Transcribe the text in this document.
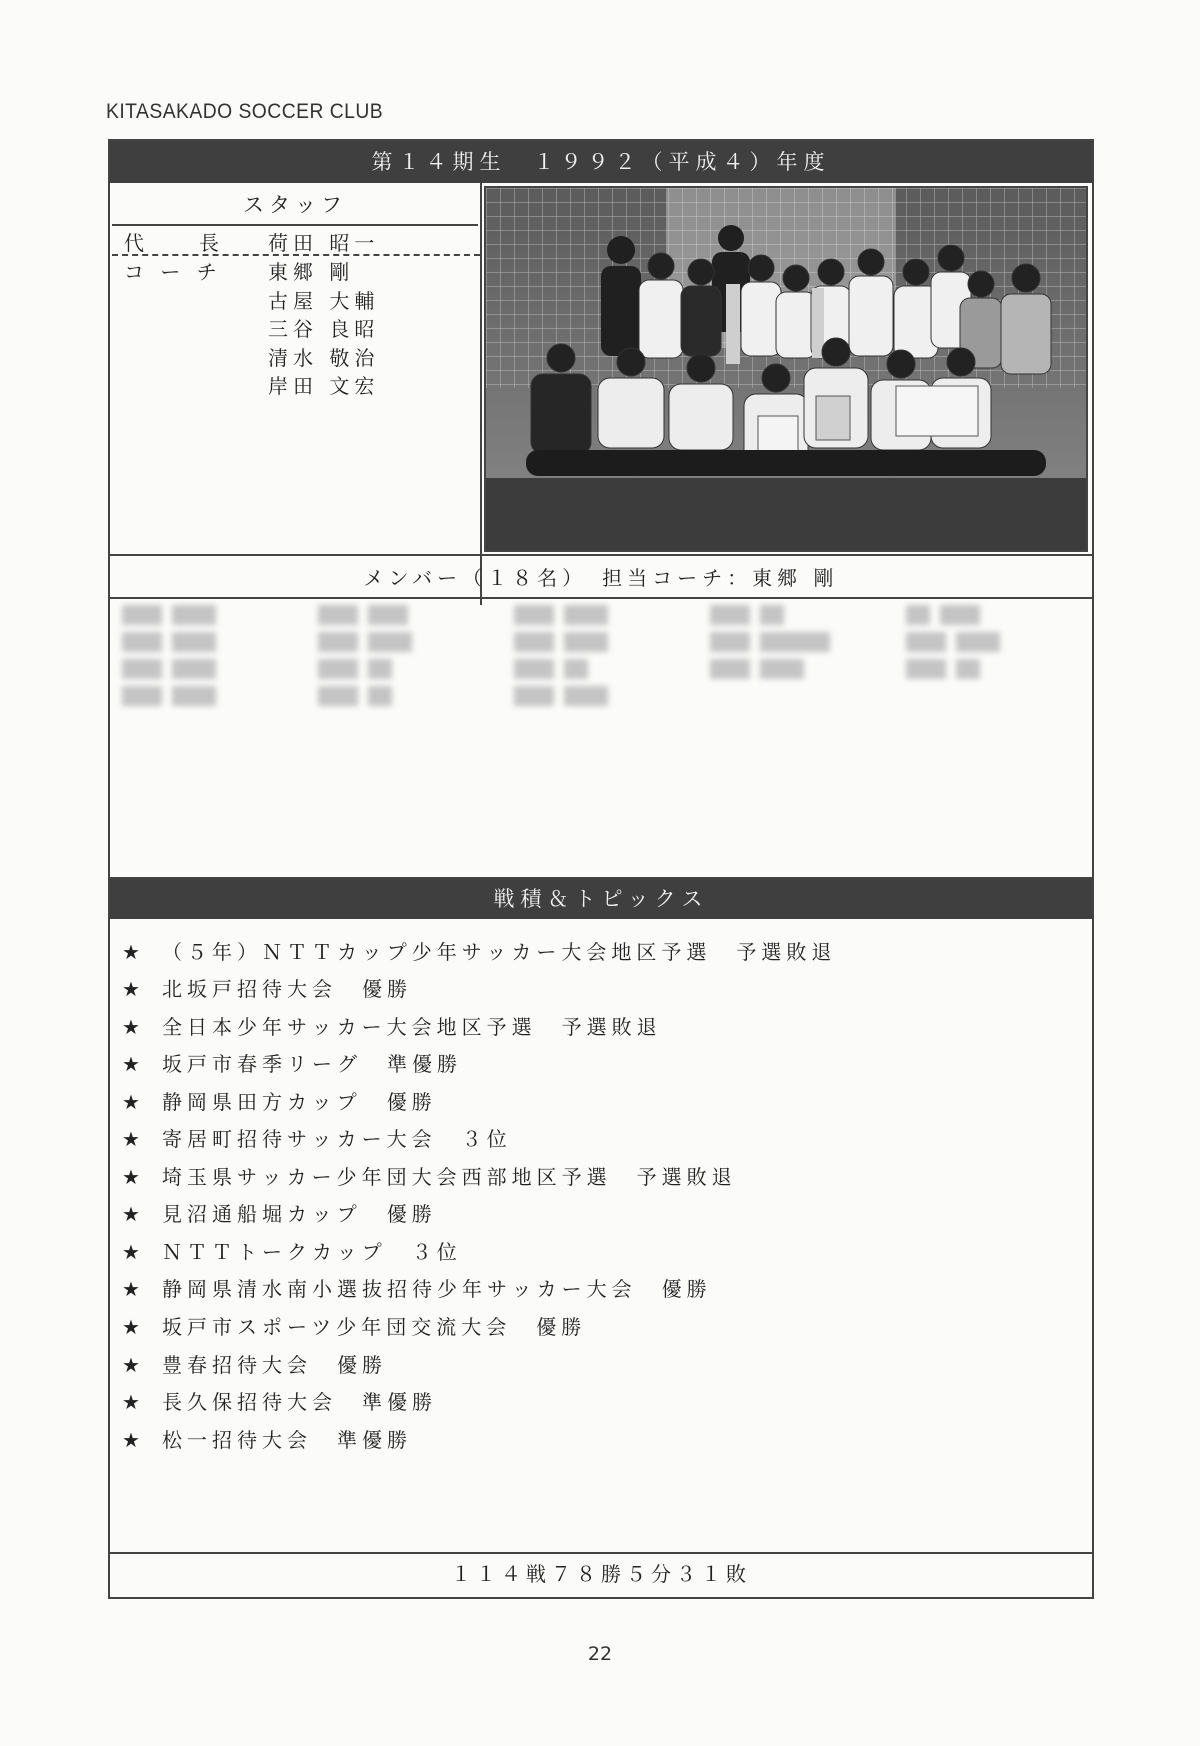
KITASAKADO SOCCER CLUB
第１４期生　１９９２（平成４）年度
スタッフ
代　　長 荷田 昭一
コ ー チ 東郷 剛
古屋 大輔
三谷 良昭
清水 敬治
岸田 文宏
メンバー（１８名）　担当コーチ：東郷 剛
戦積＆トピックス
★ （５年）ＮＴＴカップ少年サッカー大会地区予選　予選敗退
★ 北坂戸招待大会　優勝
★ 全日本少年サッカー大会地区予選　予選敗退
★ 坂戸市春季リーグ　準優勝
★ 静岡県田方カップ　優勝
★ 寄居町招待サッカー大会　３位
★ 埼玉県サッカー少年団大会西部地区予選　予選敗退
★ 見沼通船堀カップ　優勝
★ ＮＴＴトークカップ　３位
★ 静岡県清水南小選抜招待少年サッカー大会　優勝
★ 坂戸市スポーツ少年団交流大会　優勝
★ 豊春招待大会　優勝
★ 長久保招待大会　準優勝
★ 松一招待大会　準優勝
１１４戦７８勝５分３１敗
22
